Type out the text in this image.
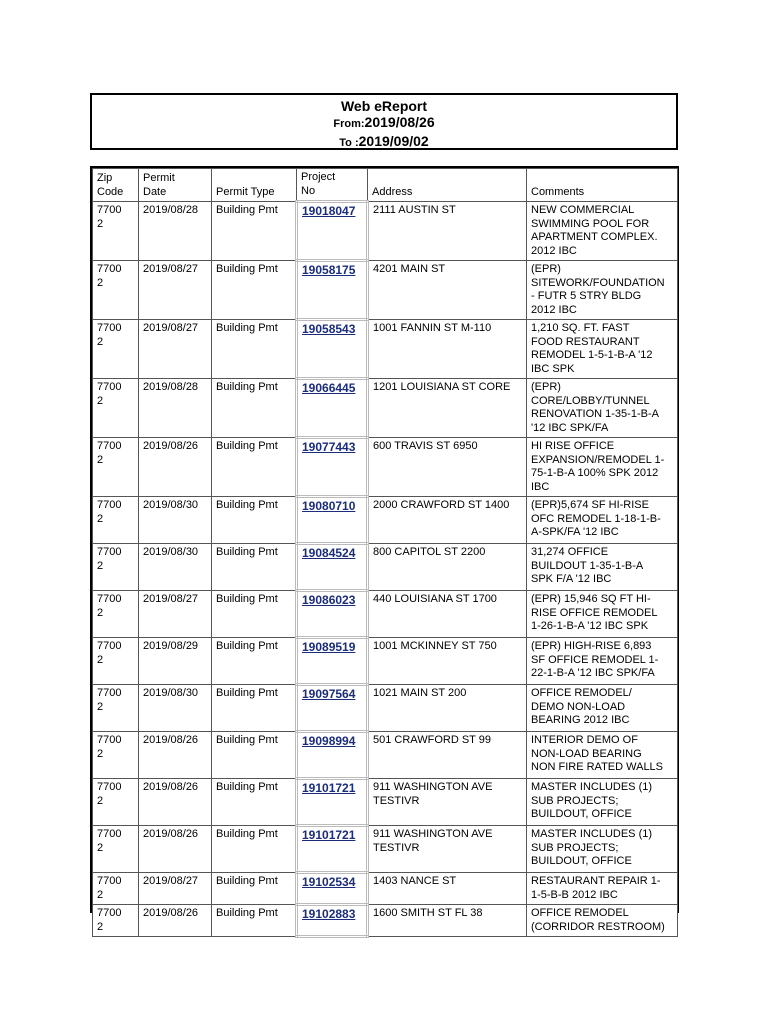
Web eReport
From:2019/08/26
To :2019/09/02
Zip
Code	Permit
Date	Permit Type	Project
No	Address	Comments
7700
2	2019/08/28	Building Pmt	19018047	2111 AUSTIN ST	NEW COMMERCIAL
SWIMMING POOL FOR
APARTMENT COMPLEX.
2012 IBC
7700
2	2019/08/27	Building Pmt	19058175	4201 MAIN ST	(EPR)
SITEWORK/FOUNDATION
- FUTR 5 STRY BLDG
2012 IBC
7700
2	2019/08/27	Building Pmt	19058543	1001 FANNIN ST M-110	1,210 SQ. FT. FAST
FOOD RESTAURANT
REMODEL 1-5-1-B-A '12
IBC SPK
7700
2	2019/08/28	Building Pmt	19066445	1201 LOUISIANA ST CORE	(EPR)
CORE/LOBBY/TUNNEL
RENOVATION 1-35-1-B-A
'12 IBC SPK/FA
7700
2	2019/08/26	Building Pmt	19077443	600 TRAVIS ST 6950	HI RISE OFFICE
EXPANSION/REMODEL 1-
75-1-B-A 100% SPK 2012
IBC
7700
2	2019/08/30	Building Pmt	19080710	2000 CRAWFORD ST 1400	(EPR)5,674 SF HI-RISE
OFC REMODEL 1-18-1-B-
A-SPK/FA '12 IBC
7700
2	2019/08/30	Building Pmt	19084524	800 CAPITOL ST 2200	31,274 OFFICE
BUILDOUT 1-35-1-B-A
SPK F/A '12 IBC
7700
2	2019/08/27	Building Pmt	19086023	440 LOUISIANA ST 1700	(EPR) 15,946 SQ FT HI-
RISE OFFICE REMODEL
1-26-1-B-A '12 IBC SPK
7700
2	2019/08/29	Building Pmt	19089519	1001 MCKINNEY ST 750	(EPR) HIGH-RISE 6,893
SF OFFICE REMODEL 1-
22-1-B-A '12 IBC SPK/FA
7700
2	2019/08/30	Building Pmt	19097564	1021 MAIN ST 200	OFFICE REMODEL/
DEMO NON-LOAD
BEARING 2012 IBC
7700
2	2019/08/26	Building Pmt	19098994	501 CRAWFORD ST 99	INTERIOR DEMO OF
NON-LOAD BEARING
NON FIRE RATED WALLS
7700
2	2019/08/26	Building Pmt	19101721	911 WASHINGTON AVE
TESTIVR	MASTER INCLUDES (1)
SUB PROJECTS;
BUILDOUT, OFFICE
7700
2	2019/08/26	Building Pmt	19101721	911 WASHINGTON AVE
TESTIVR	MASTER INCLUDES (1)
SUB PROJECTS;
BUILDOUT, OFFICE
7700
2	2019/08/27	Building Pmt	19102534	1403 NANCE ST	RESTAURANT REPAIR 1-
1-5-B-B 2012 IBC
7700
2	2019/08/26	Building Pmt	19102883	1600 SMITH ST FL 38	OFFICE REMODEL
(CORRIDOR RESTROOM)
